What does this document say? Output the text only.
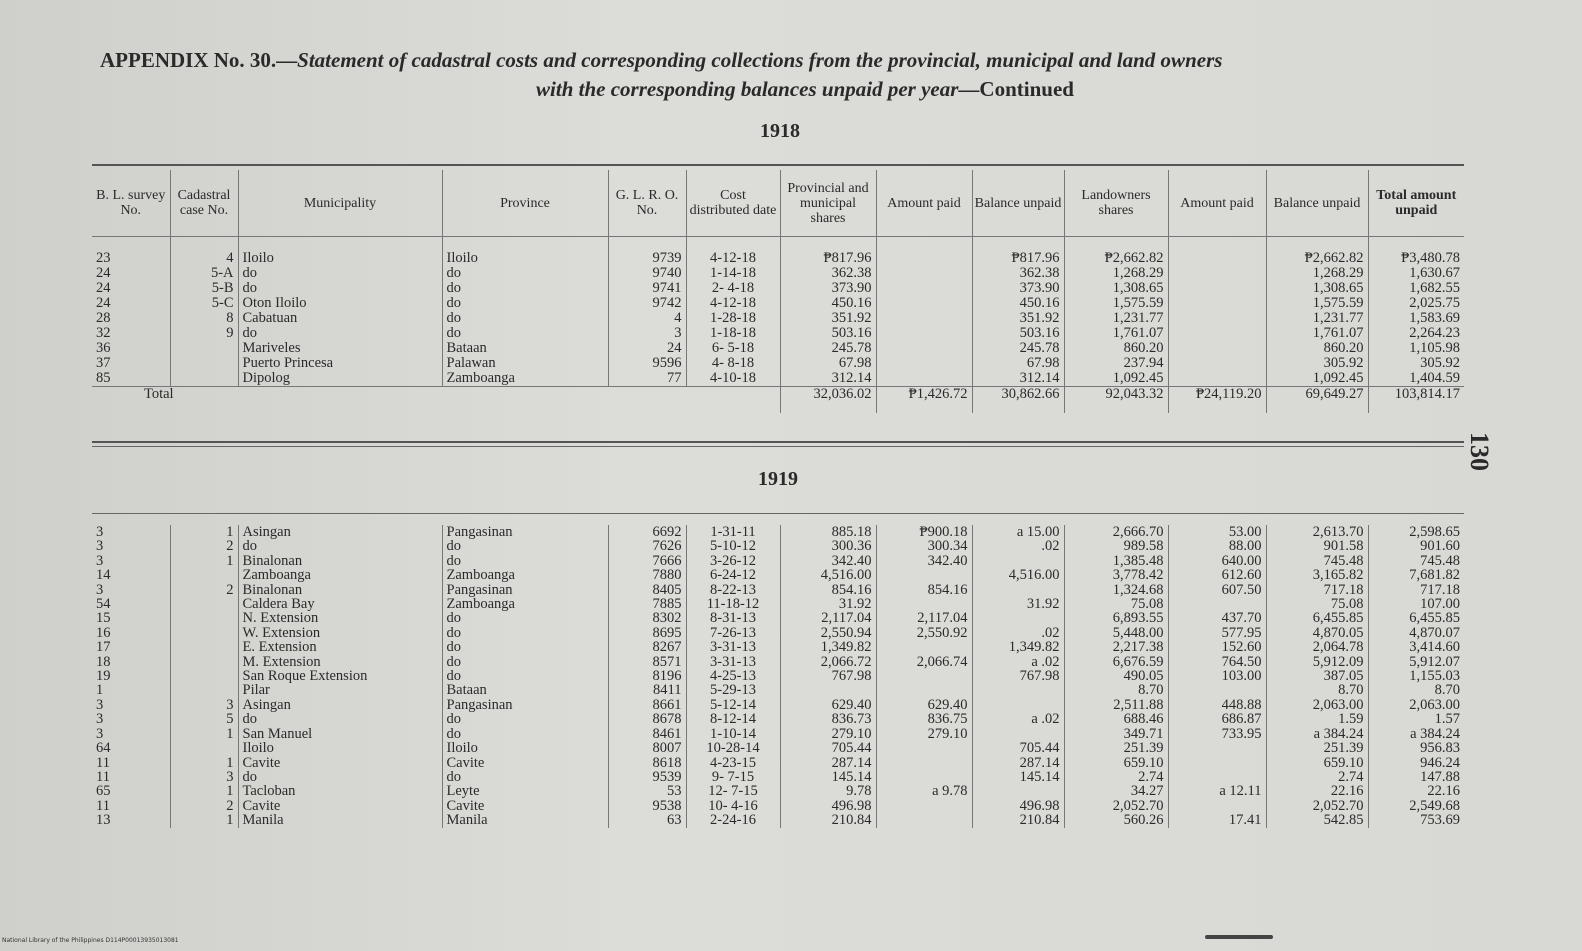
APPENDIX No. 30.—Statement of cadastral costs and corresponding collections from the provincial, municipal and land owners
with the corresponding balances unpaid per year—Continued
1918
B. L. survey No.	Cadastral case No.	Municipality	Province	G. L. R. O. No.	Cost distributed date	Provincial and municipal shares	Amount paid	Balance unpaid	Landowners shares	Amount paid	Balance unpaid	Total amount unpaid
23	4	Iloilo	Iloilo	9739	4-12-18	₱817.96		₱817.96	₱2,662.82		₱2,662.82	₱3,480.78
24	5-A	do	do	9740	1-14-18	362.38		362.38	1,268.29		1,268.29	1,630.67
24	5-B	do	do	9741	2- 4-18	373.90		373.90	1,308.65		1,308.65	1,682.55
24	5-C	Oton Iloilo	do	9742	4-12-18	450.16		450.16	1,575.59		1,575.59	2,025.75
28	8	Cabatuan	do	4	1-28-18	351.92		351.92	1,231.77		1,231.77	1,583.69
32	9	do	do	3	1-18-18	503.16		503.16	1,761.07		1,761.07	2,264.23
36		Mariveles	Bataan	24	6- 5-18	245.78		245.78	860.20		860.20	1,105.98
37		Puerto Princesa	Palawan	9596	4- 8-18	67.98		67.98	237.94		305.92	305.92
85		Dipolog	Zamboanga	77	4-10-18	312.14		312.14	1,092.45		1,092.45	1,404.59
Total						32,036.02	₱1,426.72	30,862.66	92,043.32	₱24,119.20	69,649.27	103,814.17
1919
3	1	Asingan	Pangasinan	6692	1-31-11	885.18	₱900.18	a 15.00	2,666.70	53.00	2,613.70	2,598.65
3	2	do	do	7626	5-10-12	300.36	300.34	.02	989.58	88.00	901.58	901.60
3	1	Binalonan	do	7666	3-26-12	342.40	342.40		1,385.48	640.00	745.48	745.48
14		Zamboanga	Zamboanga	7880	6-24-12	4,516.00		4,516.00	3,778.42	612.60	3,165.82	7,681.82
3	2	Binalonan	Pangasinan	8405	8-22-13	854.16	854.16		1,324.68	607.50	717.18	717.18
54		Caldera Bay	Zamboanga	7885	11-18-12	31.92		31.92	75.08		75.08	107.00
15		N. Extension	do	8302	8-31-13	2,117.04	2,117.04		6,893.55	437.70	6,455.85	6,455.85
16		W. Extension	do	8695	7-26-13	2,550.94	2,550.92	.02	5,448.00	577.95	4,870.05	4,870.07
17		E. Extension	do	8267	3-31-13	1,349.82		1,349.82	2,217.38	152.60	2,064.78	3,414.60
18		M. Extension	do	8571	3-31-13	2,066.72	2,066.74	a .02	6,676.59	764.50	5,912.09	5,912.07
19		San Roque Extension	do	8196	4-25-13	767.98		767.98	490.05	103.00	387.05	1,155.03
1		Pilar	Bataan	8411	5-29-13				8.70		8.70	8.70
3	3	Asingan	Pangasinan	8661	5-12-14	629.40	629.40		2,511.88	448.88	2,063.00	2,063.00
3	5	do	do	8678	8-12-14	836.73	836.75	a .02	688.46	686.87	1.59	1.57
3	1	San Manuel	do	8461	1-10-14	279.10	279.10		349.71	733.95	a 384.24	a 384.24
64		Iloilo	Iloilo	8007	10-28-14	705.44		705.44	251.39		251.39	956.83
11	1	Cavite	Cavite	8618	4-23-15	287.14		287.14	659.10		659.10	946.24
11	3	do	do	9539	9- 7-15	145.14		145.14	2.74		2.74	147.88
65	1	Tacloban	Leyte	53	12- 7-15	9.78	a 9.78		34.27	a 12.11	22.16	22.16
11	2	Cavite	Cavite	9538	10- 4-16	496.98		496.98	2,052.70		2,052.70	2,549.68
13	1	Manila	Manila	63	2-24-16	210.84		210.84	560.26	17.41	542.85	753.69
130
National Library of the Philippines D114P00013935013081
